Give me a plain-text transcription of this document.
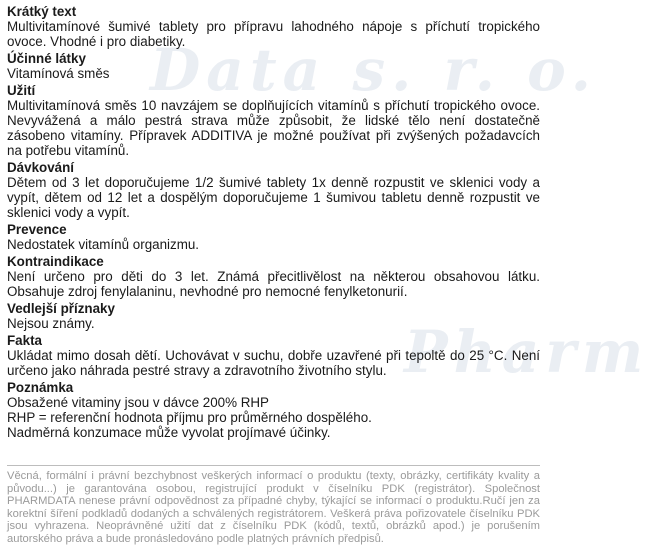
Data s. r. o.
Pharm
Krátký text

Multivitamínové šumivé tablety pro přípravu lahodného nápoje s příchutí tropického ovoce. Vhodné i pro diabetiky.

Účinné látky

Vitamínová směs

Užití

Multivitamínová směs 10 navzájem se doplňujících vitamínů s příchutí tropického ovoce. Nevyvážená a málo pestrá strava může způsobit, že lidské tělo není dostatečně zásobeno vitamíny. Přípravek ADDITIVA je možné používat při zvýšených požadavcích na potřebu vitamínů.

Dávkování

Dětem od 3 let doporučujeme 1/2 šumivé tablety 1x denně rozpustit ve sklenici vody a vypít, dětem od 12 let a dospělým doporučujeme 1 šumivou tabletu denně rozpustit ve sklenici vody a vypít.

Prevence

Nedostatek vitamínů organizmu.

Kontraindikace

Není určeno pro děti do 3 let. Známá přecitlivělost na některou obsahovou látku. Obsahuje zdroj fenylalaninu, nevhodné pro nemocné fenylketonurií.

Vedlejší příznaky

Nejsou známy.

Fakta

Ukládat mimo dosah dětí. Uchovávat v suchu, dobře uzavřené při tepoltě do 25 °C. Není určeno jako náhrada pestré stravy a zdravotního životního stylu.

Poznámka

Obsažené vitaminy jsou v dávce 200% RHP

RHP = referenční hodnota příjmu pro průměrného dospělého.

Nadměrná konzumace může vyvolat projímavé účinky.

Věcná, formální i právní bezchybnost veškerých informací o produktu (texty, obrázky, certifikáty kvality a původu...) je garantována osobou, registrující produkt v číselníku PDK (registrátor). Společnost PHARMDATA nenese právní odpovědnost za případné chyby, týkající se informací o produktu.Ručí jen za korektní šíření podkladů dodaných a schválených registrátorem. Veškerá práva pořizovatele číselníku PDK jsou vyhrazena. Neoprávněné užití dat z číselníku PDK (kódů, textů, obrázků apod.) je porušením autorského práva a bude pronásledováno podle platných právních předpisů.
